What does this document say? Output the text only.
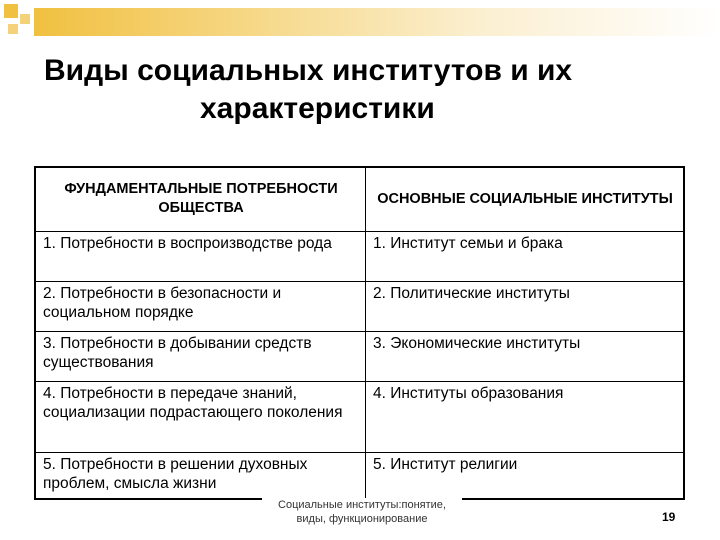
Виды социальных институтов и их
характеристики
ФУНДАМЕНТАЛЬНЫЕ ПОТРЕБНОСТИ ОБЩЕСТВА	ОСНОВНЫЕ СОЦИАЛЬНЫЕ ИНСТИТУТЫ

1. Потребности в воспроизводстве рода	1. Институт семьи и брака
2. Потребности в безопасности и социальном порядке	2. Политические институты
3. Потребности в добывании средств существования	3. Экономические институты
4. Потребности в передаче знаний, социализации подрастающего поколения	4. Институты образования
5. Потребности в решении духовных проблем, смысла жизни	5. Институт религии
Социальные институты:понятие, виды, функционирование	19
